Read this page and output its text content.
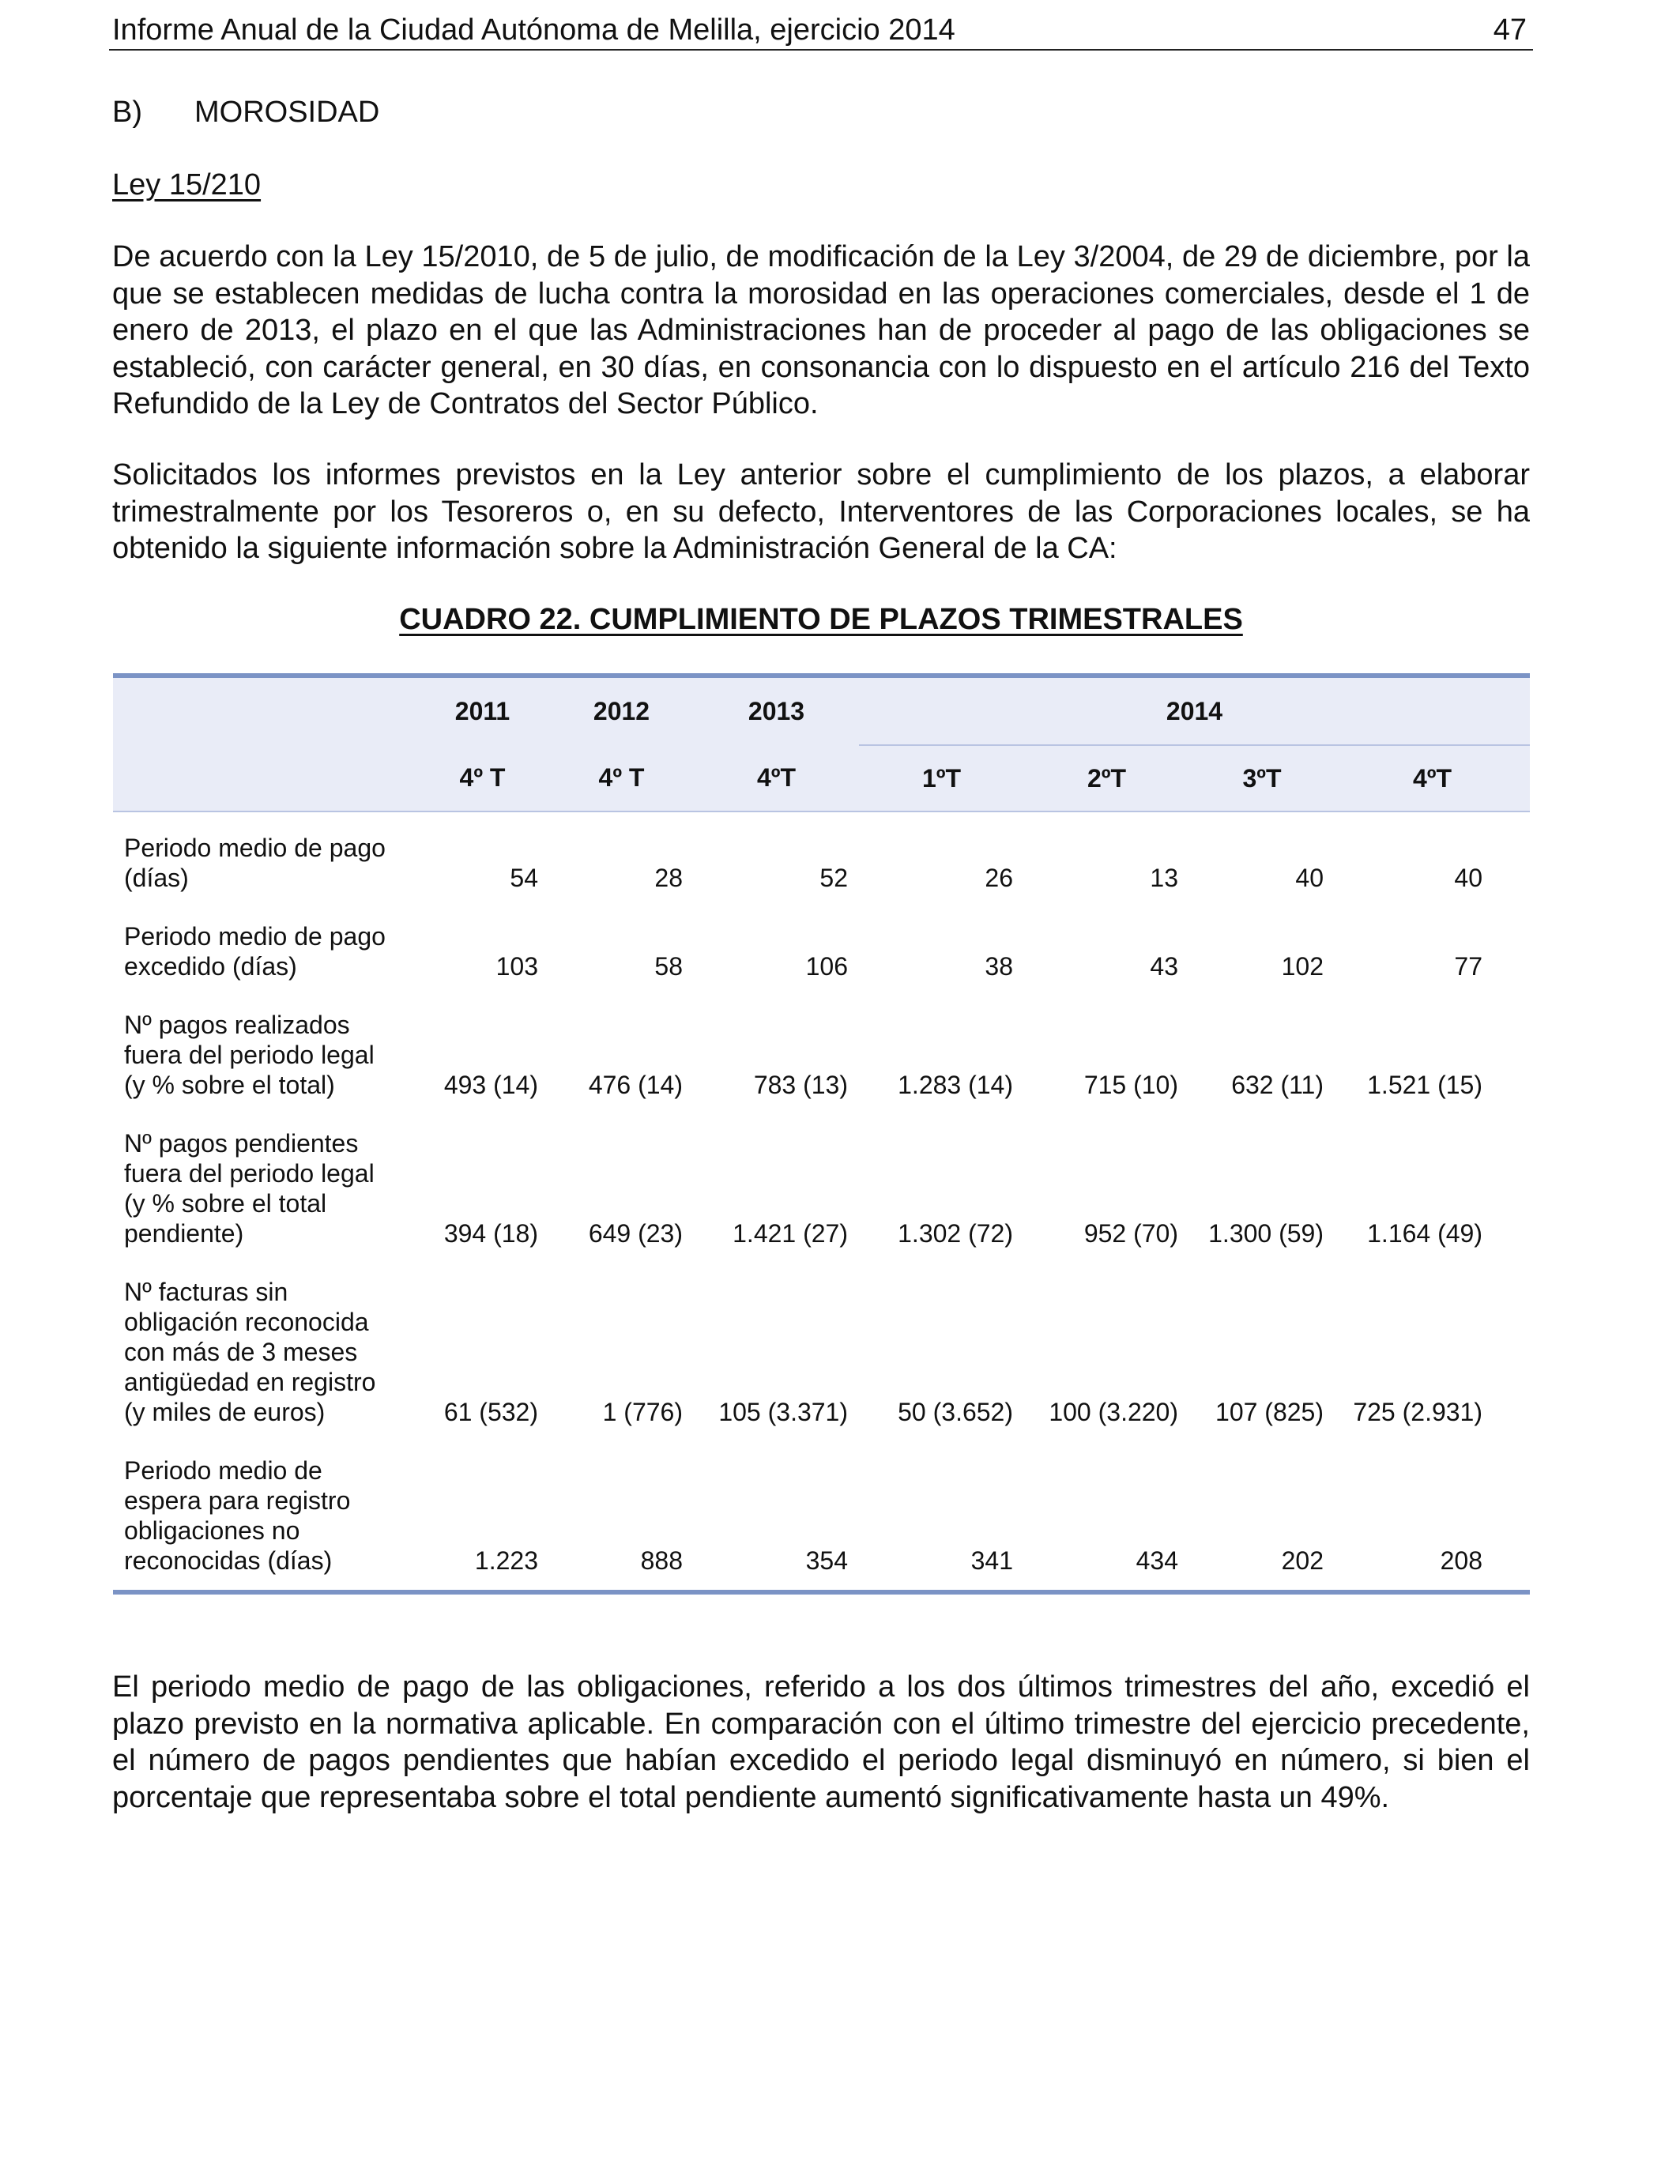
Informe Anual de la Ciudad Autónoma de Melilla, ejercicio 2014	47
B) MOROSIDAD
Ley 15/210
De acuerdo con la Ley 15/2010, de 5 de julio, de modificación de la Ley 3/2004, de 29 de diciembre, por la que se establecen medidas de lucha contra la morosidad en las operaciones comerciales, desde el 1 de enero de 2013, el plazo en el que las Administraciones han de proceder al pago de las obligaciones se estableció, con carácter general, en 30 días, en consonancia con lo dispuesto en el artículo 216 del Texto Refundido de la Ley de Contratos del Sector Público.
Solicitados los informes previstos en la Ley anterior sobre el cumplimiento de los plazos, a elaborar trimestralmente por los Tesoreros o, en su defecto, Interventores de las Corporaciones locales, se ha obtenido la siguiente información sobre la Administración General de la CA:
CUADRO 22. CUMPLIMIENTO DE PLAZOS TRIMESTRALES
	2011	2012	2013	2014			
	4º T	4º T	4ºT	1ºT	2ºT	3ºT	4ºT

Periodo medio de pago
(días)	54	28	52	26	13	40	40

Periodo medio de pago
excedido (días)	103	58	106	38	43	102	77

Nº pagos realizados
fuera del periodo legal
(y % sobre el total)	493 (14)	476 (14)	783 (13)	1.283 (14)	715 (10)	632 (11)	1.521 (15)

Nº pagos pendientes
fuera del periodo legal
(y % sobre el total
pendiente)	394 (18)	649 (23)	1.421 (27)	1.302 (72)	952 (70)	1.300 (59)	1.164 (49)

Nº facturas sin
obligación reconocida
con más de 3 meses
antigüedad en registro
(y miles de euros)	61 (532)	1 (776)	105 (3.371)	50 (3.652)	100 (3.220)	107 (825)	725 (2.931)

Periodo medio de
espera para registro
obligaciones no
reconocidas (días)	1.223	888	354	341	434	202	208
El periodo medio de pago de las obligaciones, referido a los dos últimos trimestres del año, excedió el plazo previsto en la normativa aplicable. En comparación con el último trimestre del ejercicio precedente, el número de pagos pendientes que habían excedido el periodo legal disminuyó en número, si bien el porcentaje que representaba sobre el total pendiente aumentó significativamente hasta un 49%.
